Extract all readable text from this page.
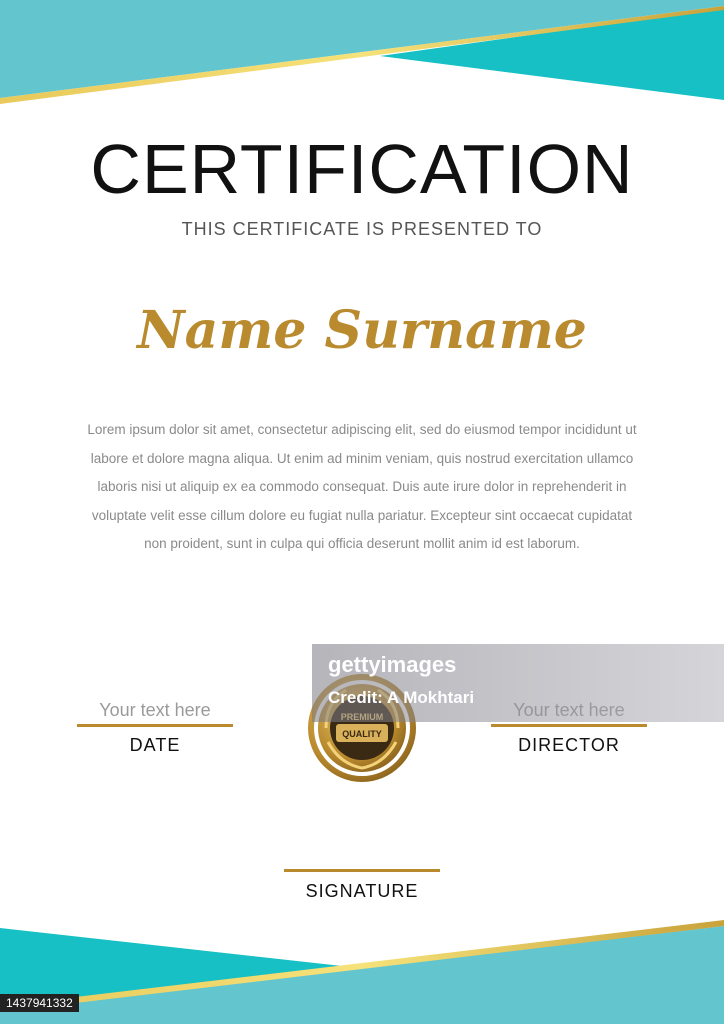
CERTIFICATION
THIS CERTIFICATE IS PRESENTED TO
Name Surname
Lorem ipsum dolor sit amet, consectetur adipiscing elit, sed do eiusmod tempor incididunt ut labore et dolore magna aliqua. Ut enim ad minim veniam, quis nostrud exercitation ullamco laboris nisi ut aliquip ex ea commodo consequat. Duis aute irure dolor in reprehenderit in voluptate velit esse cillum dolore eu fugiat nulla pariatur. Excepteur sint occaecat cupidatat non proident, sunt in culpa qui officia deserunt mollit anim id est laborum.
Your text here
DATE	DIRECTOR
QUALITY
SIGNATURE
gettyimages
Credit: A Mokhtari
1437941332
